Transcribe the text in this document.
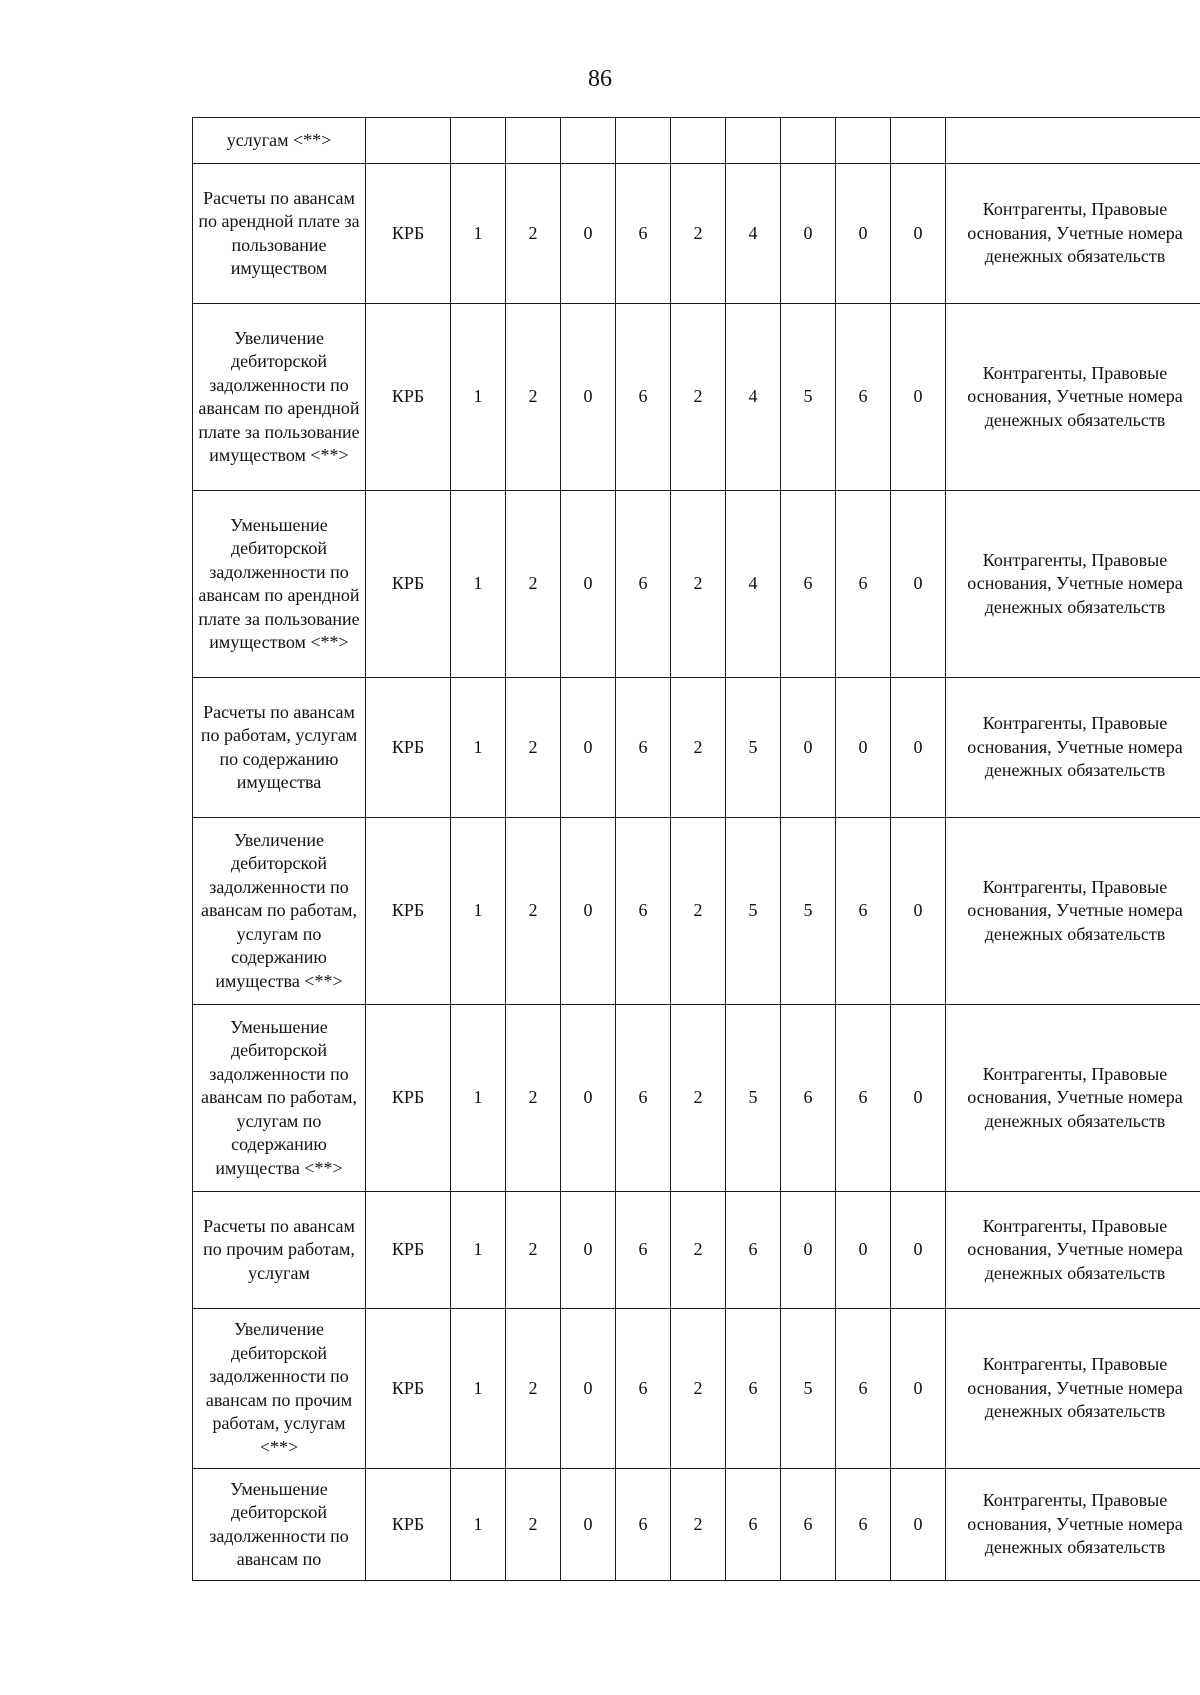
86
услугам <**>											
Расчеты по авансам по арендной плате за пользование имуществом	КРБ	1	2	0	6	2	4	0	0	0	Контрагенты, Правовые основания, Учетные номера денежных обязательств
Увеличение дебиторской задолженности по авансам по арендной плате за пользование имуществом <**>	КРБ	1	2	0	6	2	4	5	6	0	Контрагенты, Правовые основания, Учетные номера денежных обязательств
Уменьшение дебиторской задолженности по авансам по арендной плате за пользование имуществом <**>	КРБ	1	2	0	6	2	4	6	6	0	Контрагенты, Правовые основания, Учетные номера денежных обязательств
Расчеты по авансам по работам, услугам по содержанию имущества	КРБ	1	2	0	6	2	5	0	0	0	Контрагенты, Правовые основания, Учетные номера денежных обязательств
Увеличение дебиторской задолженности по авансам по работам, услугам по содержанию имущества <**>	КРБ	1	2	0	6	2	5	5	6	0	Контрагенты, Правовые основания, Учетные номера денежных обязательств
Уменьшение дебиторской задолженности по авансам по работам, услугам по содержанию имущества <**>	КРБ	1	2	0	6	2	5	6	6	0	Контрагенты, Правовые основания, Учетные номера денежных обязательств
Расчеты по авансам по прочим работам, услугам	КРБ	1	2	0	6	2	6	0	0	0	Контрагенты, Правовые основания, Учетные номера денежных обязательств
Увеличение дебиторской задолженности по авансам по прочим работам, услугам <**>	КРБ	1	2	0	6	2	6	5	6	0	Контрагенты, Правовые основания, Учетные номера денежных обязательств
Уменьшение дебиторской задолженности по авансам по	КРБ	1	2	0	6	2	6	6	6	0	Контрагенты, Правовые основания, Учетные номера денежных обязательств
